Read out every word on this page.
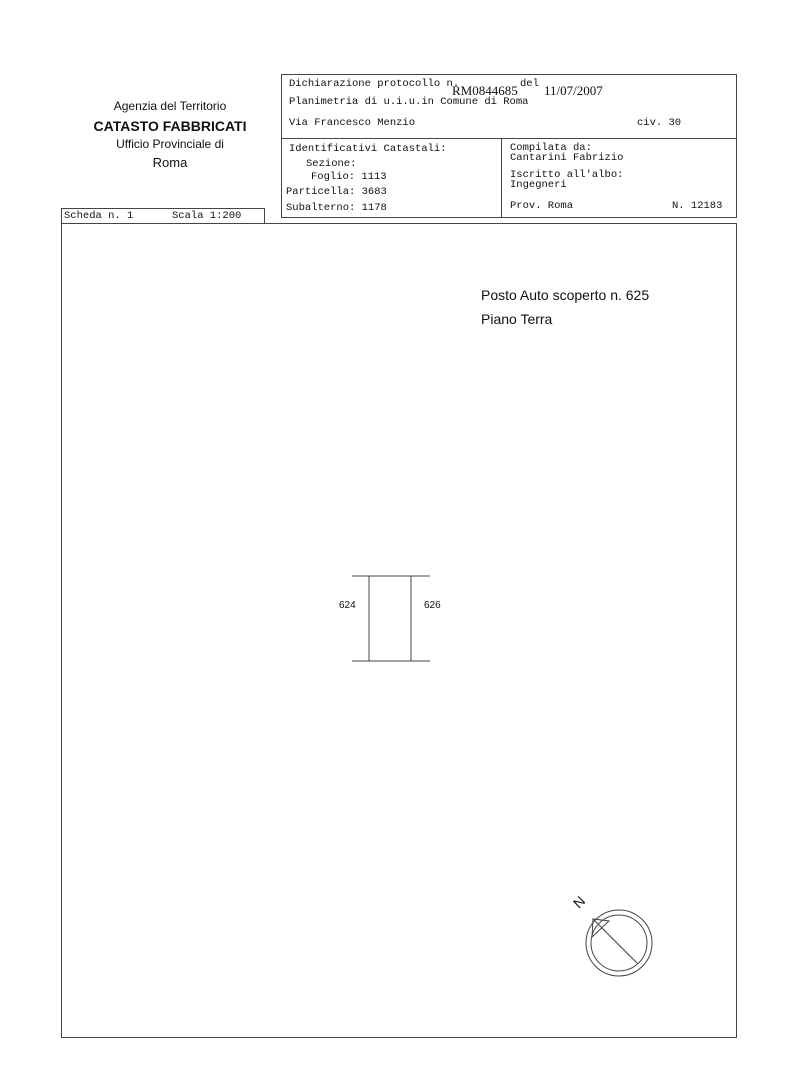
Agenzia del Territorio
CATASTO FABBRICATI
Ufficio Provinciale di
Roma
Dichiarazione protocollo n.
RM0844685 del 11/07/2007
Planimetria di u.i.u.in Comune di Roma
Via Francesco Menzio	civ. 30
Identificativi Catastali:
Sezione:
Foglio: 1113
Particella: 3683
Subalterno: 1178
Compilata da:
Cantarini Fabrizio
Iscritto all'albo:
Ingegneri
Prov. Roma	N. 12183
Scheda n. 1	Scala 1:200
Posto Auto scoperto n. 625
Piano Terra
624	626
N
